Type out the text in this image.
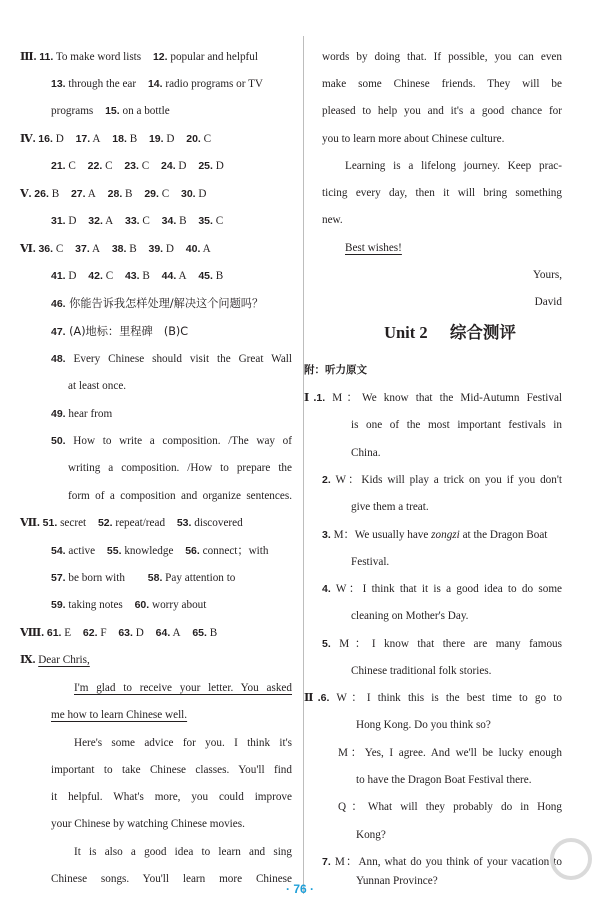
Ⅲ. 11. To make word lists 12. popular and helpful
13. through the ear 14. radio programs or TV
programs 15. on a bottle
Ⅳ. 16. D 17. A 18. B 19. D 20. C
21. C 22. C 23. C 24. D 25. D
Ⅴ. 26. B 27. A 28. B 29. C 30. D
31. D 32. A 33. C 34. B 35. C
Ⅵ. 36. C 37. A 38. B 39. D 40. A
41. D 42. C 43. B 44. A 45. B
46. 你能告诉我怎样处理/解决这个问题吗？
47. (A)地标：里程碑　(B)C
48. Every Chinese should visit the Great Wall
at least once.
49. hear from
50. How to write a composition. /The way of
writing a composition. /How to prepare the
form of a composition and organize sentences.
Ⅶ. 51. secret 52. repeat/read 53. discovered
54. active 55. knowledge 56. connect；with
57. be born with 58. Pay attention to
59. taking notes 60. worry about
Ⅷ. 61. E 62. F 63. D 64. A 65. B
Ⅸ. Dear Chris,
I'm glad to receive your letter. You asked
me how to learn Chinese well.
Here's some advice for you. I think it's
important to take Chinese classes. You'll find
it helpful. What's more, you could improve
your Chinese by watching Chinese movies.
It is also a good idea to learn and sing
Chinese songs. You'll learn more Chinese
words by doing that. If possible, you can even
make some Chinese friends. They will be
pleased to help you and it's a good chance for
you to learn more about Chinese culture.
Learning is a lifelong journey. Keep prac-
ticing every day, then it will bring something
new.
Best wishes!
Yours,
David
Unit 2 综合测评
附：听力原文
Ⅰ.1. M：We know that the Mid-Autumn Festival
is one of the most important festivals in
China.
2. W：Kids will play a trick on you if you don't
give them a treat.
3. M：We usually have zongzi at the Dragon Boat
Festival.
4. W：I think that it is a good idea to do some
cleaning on Mother's Day.
5. M：I know that there are many famous
Chinese traditional folk stories.
Ⅱ.6. W：I think this is the best time to go to
Hong Kong. Do you think so?
M：Yes, I agree. And we'll be lucky enough
to have the Dragon Boat Festival there.
Q：What will they probably do in Hong
Kong?
7. M：Ann, what do you think of your vacation to
Yunnan Province?
· 76 ·
